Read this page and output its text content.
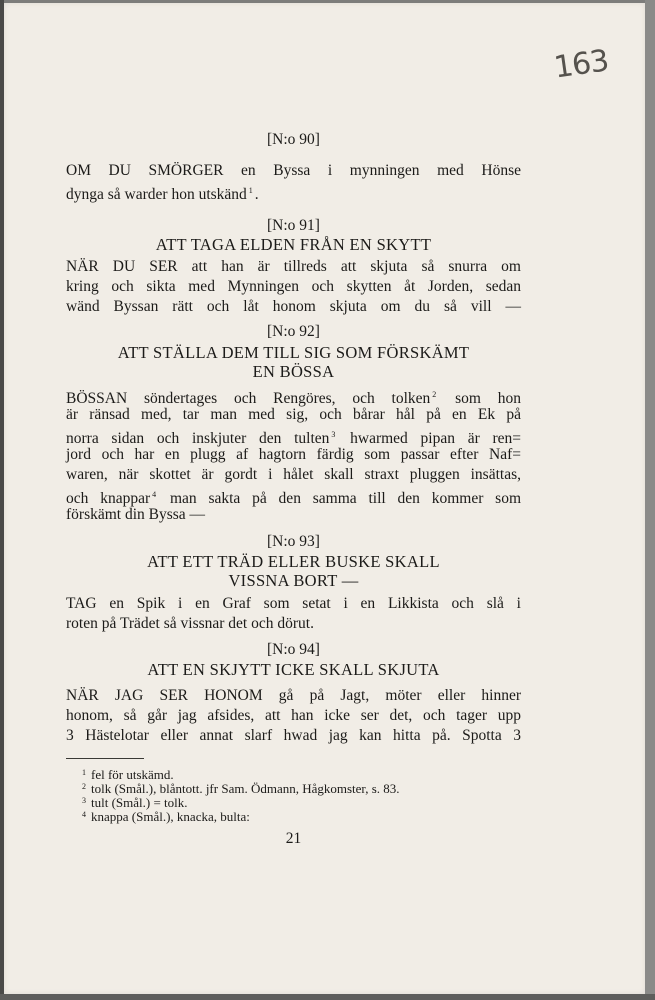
163
[N:o 90]
OM DU SMÖRGER en Byssa i mynningen med Hönse
dynga så warder hon utskänd $^1$ .
[N:o 91]
ATT TAGA ELDEN FRÅN EN SKYTT
NÄR DU SER att han är tillreds att skjuta så snurra om
kring och sikta med Mynningen och skytten åt Jorden, sedan
wänd Byssan rätt och låt honom skjuta om du så vill —
[N:o 92]
ATT STÄLLA DEM TILL SIG SOM FÖRSKÄMT
EN BÖSSA
BÖSSAN söndertages och Rengöres, och tolken $^2$ som hon
är ränsad med, tar man med sig, och bårar hål på en Ek på
norra sidan och inskjuter den tulten $^3$ hwarmed pipan är ren=
jord och har en plugg af hagtorn färdig som passar efter Naf=
waren, när skottet är gordt i hålet skall straxt pluggen insättas,
och knappar $^4$ man sakta på den samma till den kommer som
förskämt din Byssa —
[N:o 93]
ATT ETT TRÄD ELLER BUSKE SKALL
VISSNA BORT —
TAG en Spik i en Graf som setat i en Likkista och slå i
roten på Trädet så vissnar det och dörut.
[N:o 94]
ATT EN SKJYTT ICKE SKALL SKJUTA
NÄR JAG SER HONOM gå på Jagt, möter eller hinner
honom, så går jag afsides, att han icke ser det, och tager upp
3 Hästelotar eller annat slarf hwad jag kan hitta på. Spotta 3
$^1$ fel för utskämd.
$^2$ tolk (Smål.), blåntott. jfr Sam. Ödmann, Hågkomster, s. 83.
$^3$ tult (Smål.) = tolk.
$^4$ knappa (Smål.), knacka, bulta:
21
